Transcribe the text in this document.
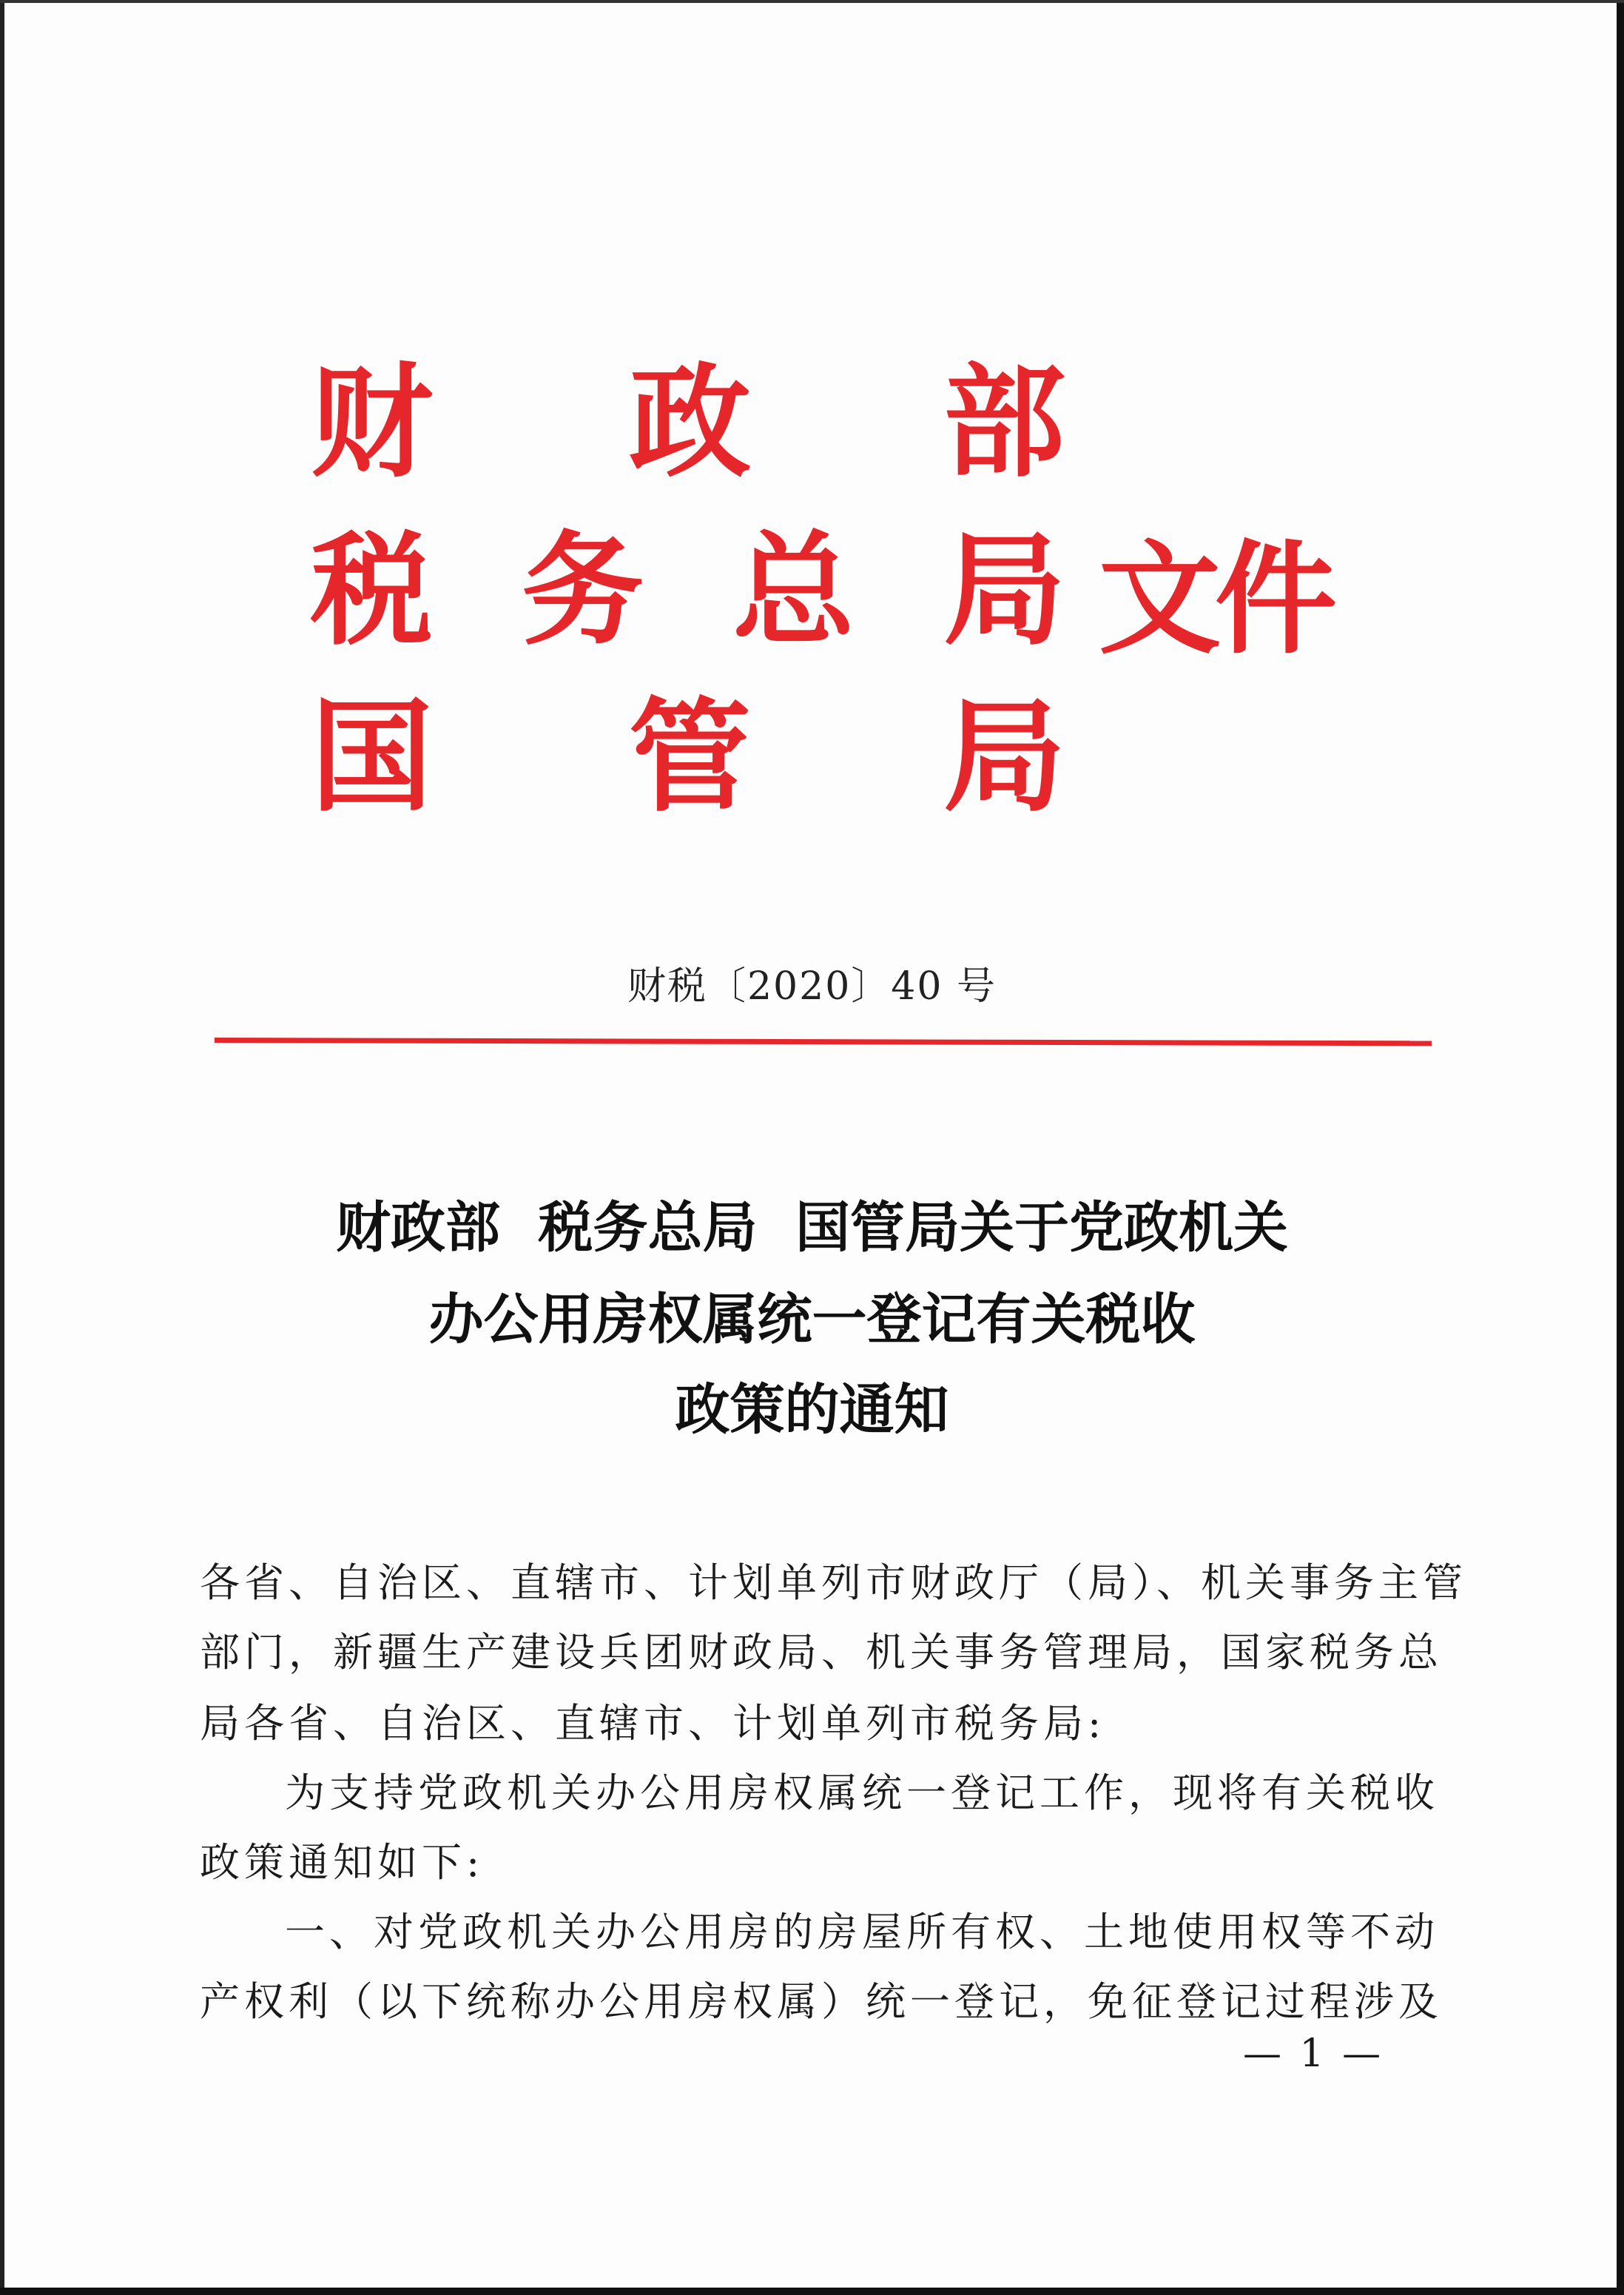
财 政 部
税 务 总 局 文件
国 管 局
财税〔2020〕40 号
财政部  税务总局  国管局关于党政机关
办公用房权属统一登记有关税收
政策的通知
各省、自治区、直辖市、计划单列市财政厅（局）、机关事务主管
部门，新疆生产建设兵团财政局、机关事务管理局，国家税务总
局各省、自治区、直辖市、计划单列市税务局:
为支持党政机关办公用房权属统一登记工作，现将有关税收
政策通知如下:
一、对党政机关办公用房的房屋所有权、土地使用权等不动
产权利（以下统称办公用房权属）统一登记，免征登记过程涉及
— 1 —
